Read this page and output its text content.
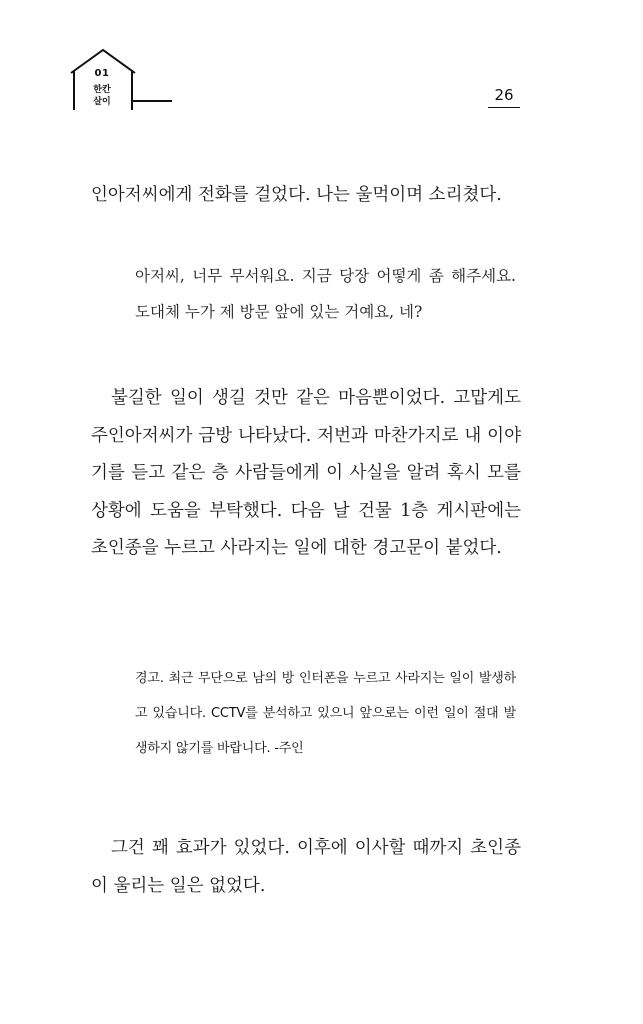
01
한칸
살이	26

인아저씨에게 전화를 걸었다. 나는 울먹이며 소리쳤다.

아저씨, 너무 무서워요. 지금 당장 어떻게 좀 해주세요. 도대체 누가 제 방문 앞에 있는 거예요, 네?

불길한 일이 생길 것만 같은 마음뿐이었다. 고맙게도 주인아저씨가 금방 나타났다. 저번과 마찬가지로 내 이야기를 듣고 같은 층 사람들에게 이 사실을 알려 혹시 모를 상황에 도움을 부탁했다. 다음 날 건물 1층 게시판에는 초인종을 누르고 사라지는 일에 대한 경고문이 붙었다.

경고. 최근 무단으로 남의 방 인터폰을 누르고 사라지는 일이 발생하고 있습니다. CCTV를 분석하고 있으니 앞으로는 이런 일이 절대 발생하지 않기를 바랍니다. -주인

그건 꽤 효과가 있었다. 이후에 이사할 때까지 초인종이 울리는 일은 없었다.
